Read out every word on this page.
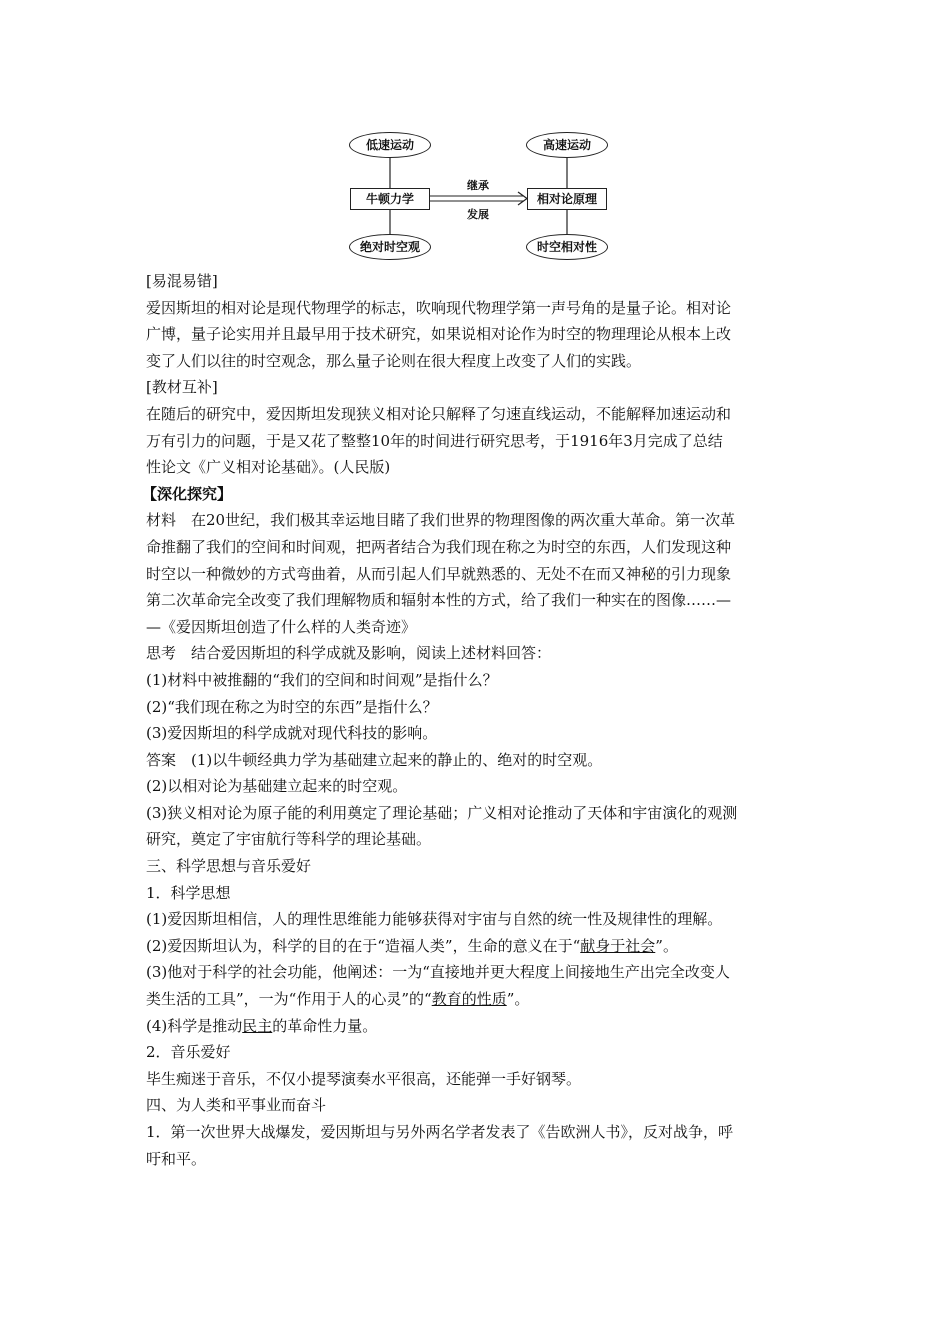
低速运动
牛顿力学
绝对时空观
高速运动
相对论原理
时空相对性
继承
发展
[易混易错]
爱因斯坦的相对论是现代物理学的标志，吹响现代物理学第一声号角的是量子论。相对论
广博，量子论实用并且最早用于技术研究，如果说相对论作为时空的物理理论从根本上改
变了人们以往的时空观念，那么量子论则在很大程度上改变了人们的实践。
[教材互补]
在随后的研究中，爱因斯坦发现狭义相对论只解释了匀速直线运动，不能解释加速运动和
万有引力的问题，于是又花了整整10年的时间进行研究思考，于1916年3月完成了总结
性论文《广义相对论基础》。(人民版)
【深化探究】
材料　在20世纪，我们极其幸运地目睹了我们世界的物理图像的两次重大革命。第一次革
命推翻了我们的空间和时间观，把两者结合为我们现在称之为时空的东西，人们发现这种
时空以一种微妙的方式弯曲着，从而引起人们早就熟悉的、无处不在而又神秘的引力现象
第二次革命完全改变了我们理解物质和辐射本性的方式，给了我们一种实在的图像……—
—《爱因斯坦创造了什么样的人类奇迹》
思考　结合爱因斯坦的科学成就及影响，阅读上述材料回答：
(1)材料中被推翻的“我们的空间和时间观”是指什么？
(2)“我们现在称之为时空的东西”是指什么？
(3)爱因斯坦的科学成就对现代科技的影响。
答案　(1)以牛顿经典力学为基础建立起来的静止的、绝对的时空观。
(2)以相对论为基础建立起来的时空观。
(3)狭义相对论为原子能的利用奠定了理论基础；广义相对论推动了天体和宇宙演化的观测
研究，奠定了宇宙航行等科学的理论基础。
三、科学思想与音乐爱好
1．科学思想
(1)爱因斯坦相信，人的理性思维能力能够获得对宇宙与自然的统一性及规律性的理解。
(2)爱因斯坦认为，科学的目的在于“造福人类”，生命的意义在于“献身于社会”。
(3)他对于科学的社会功能，他阐述：一为“直接地并更大程度上间接地生产出完全改变人
类生活的工具”，一为“作用于人的心灵”的“教育的性质”。
(4)科学是推动民主的革命性力量。
2．音乐爱好
毕生痴迷于音乐，不仅小提琴演奏水平很高，还能弹一手好钢琴。
四、为人类和平事业而奋斗
1．第一次世界大战爆发，爱因斯坦与另外两名学者发表了《告欧洲人书》，反对战争，呼
吁和平。
